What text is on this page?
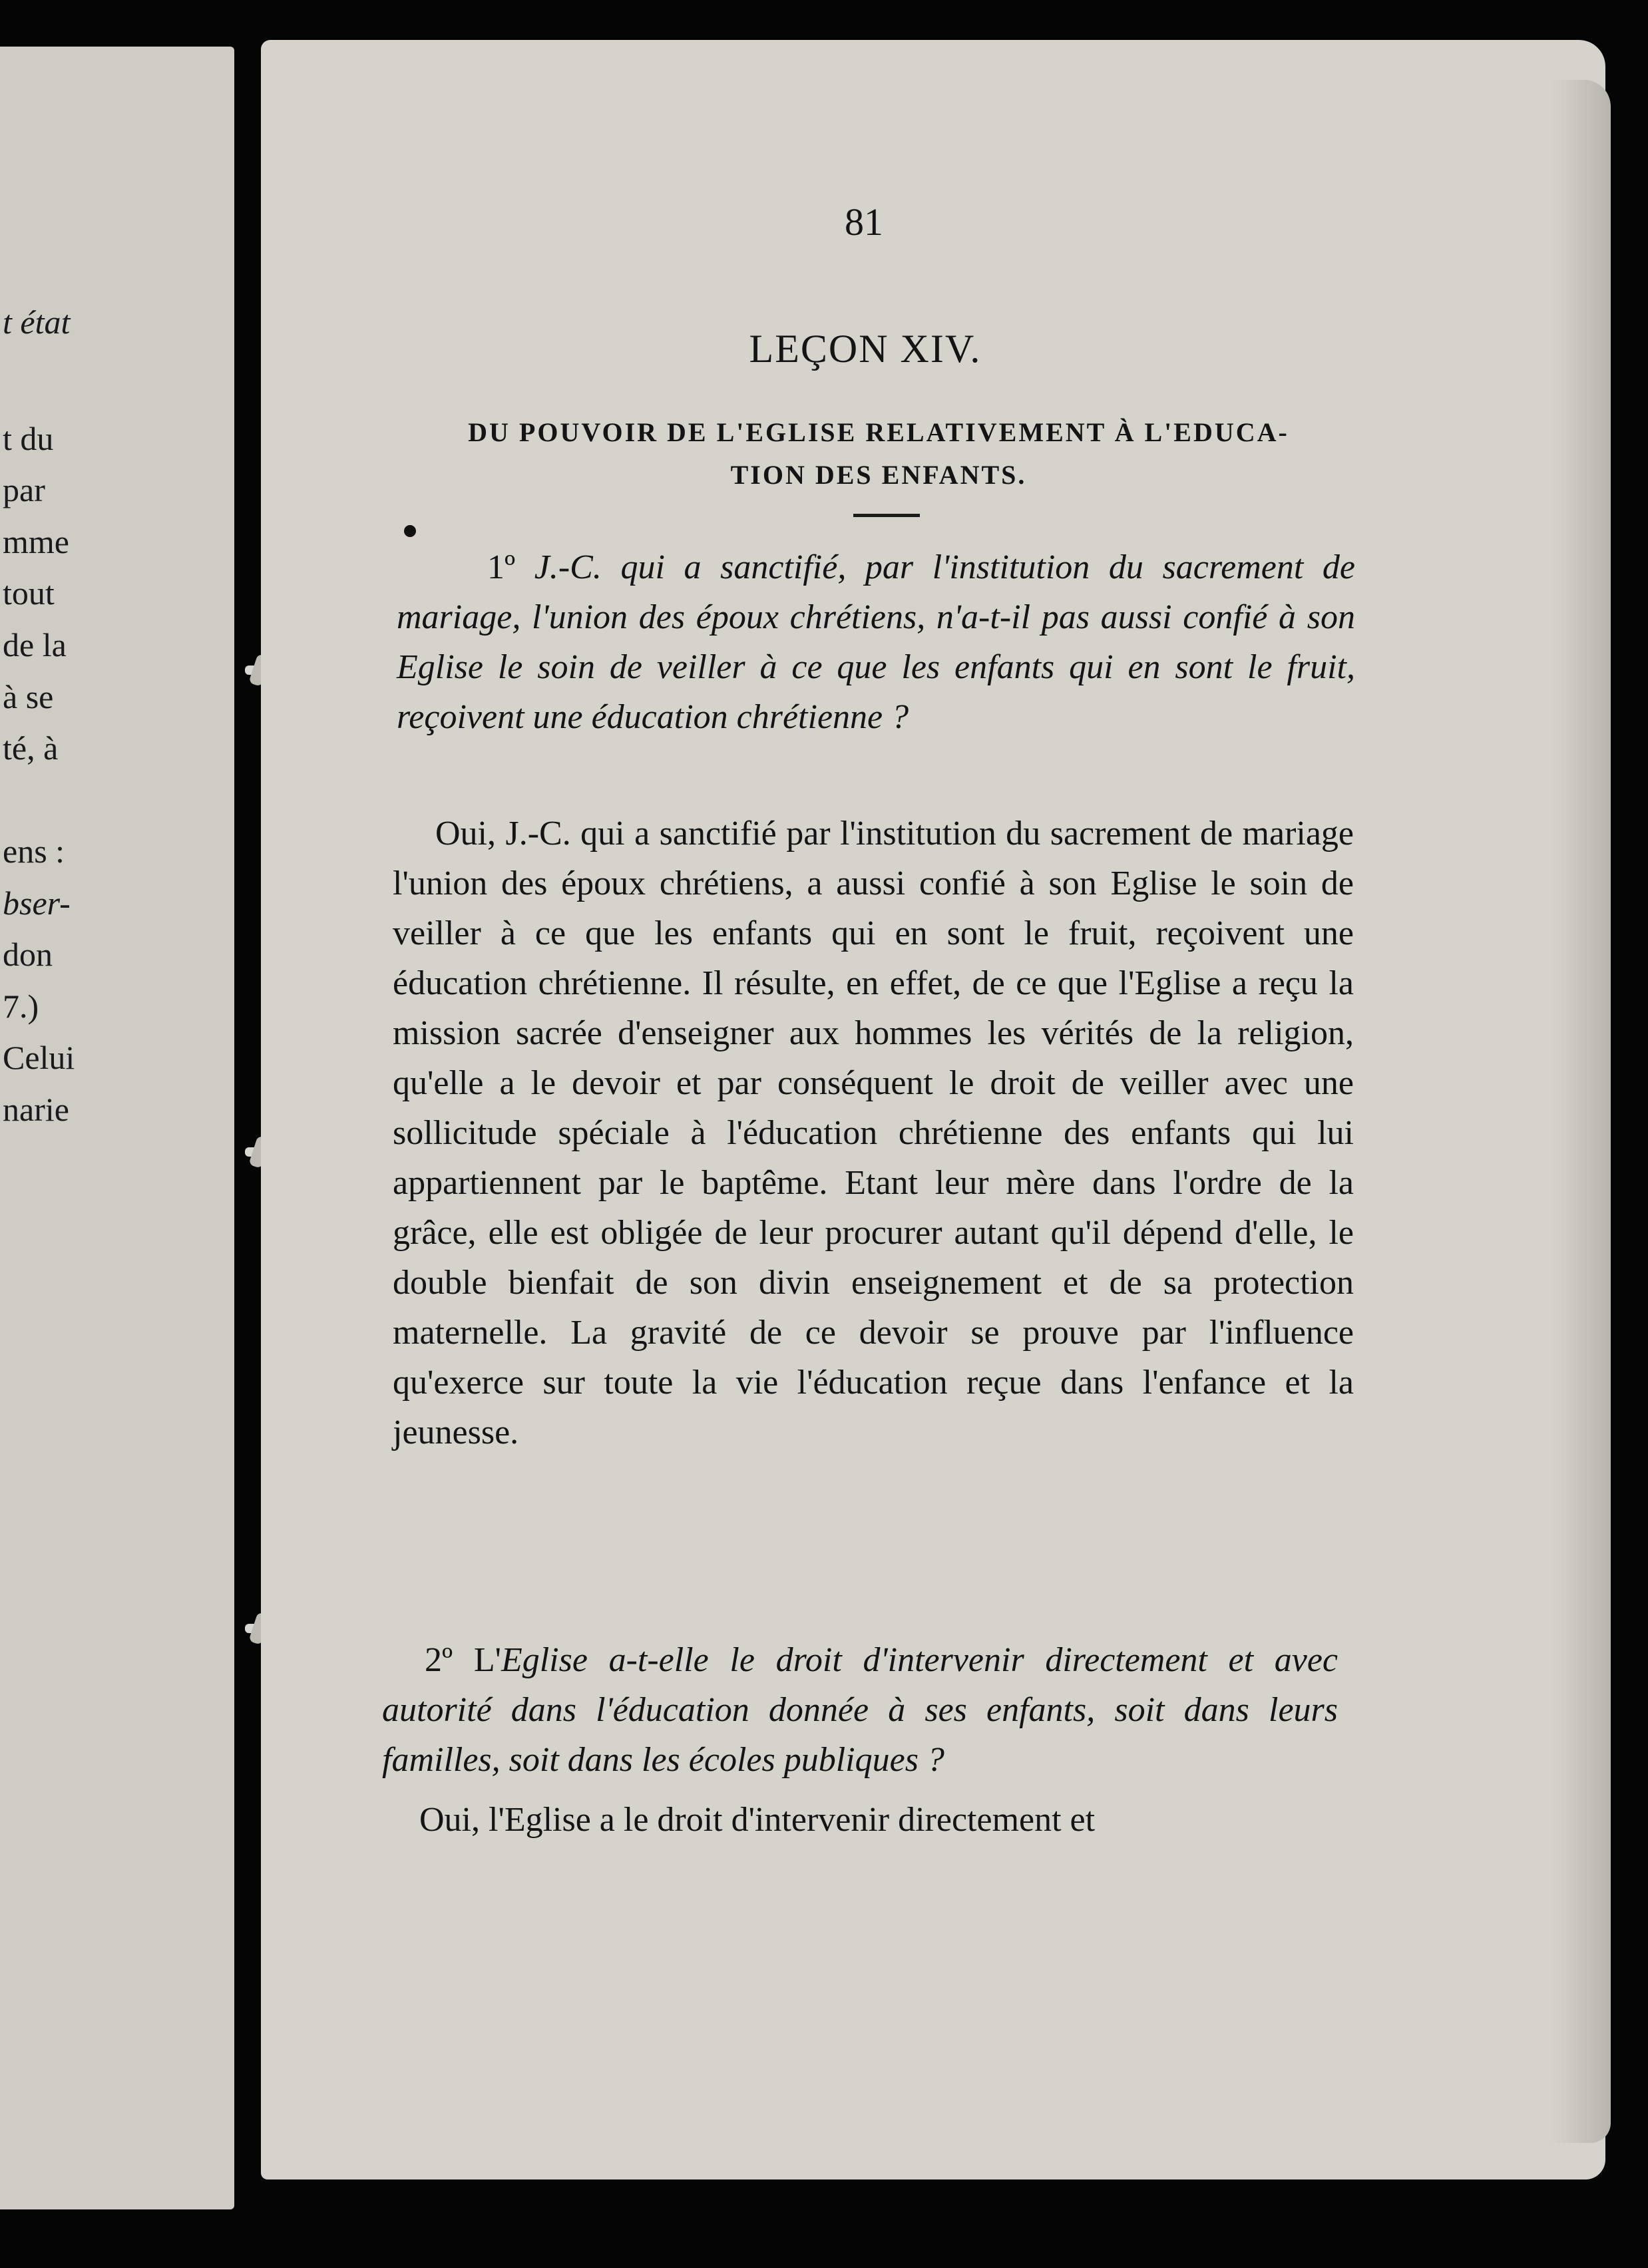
t état
t du
par
mme
tout
de la
à se
té, à
ens :
bser-
don
7.)
Celui
narie
81
LEÇON XIV.
DU POUVOIR DE L'EGLISE RELATIVEMENT À L'EDUCA-
TION DES ENFANTS.
1º J.-C. qui a sanctifié, par l'institution du sacrement de mariage, l'union des époux chrétiens, n'a-t-il pas aussi confié à son Eglise le soin de veiller à ce que les enfants qui en sont le fruit, reçoivent une éducation chrétienne ?
Oui, J.-C. qui a sanctifié par l'institution du sacrement de mariage l'union des époux chrétiens, a aussi confié à son Eglise le soin de veiller à ce que les enfants qui en sont le fruit, reçoivent une éducation chrétienne. Il résulte, en effet, de ce que l'Eglise a reçu la mission sacrée d'enseigner aux hommes les vérités de la religion, qu'elle a le devoir et par conséquent le droit de veiller avec une sollicitude spéciale à l'éducation chrétienne des enfants qui lui appartiennent par le baptême. Etant leur mère dans l'ordre de la grâce, elle est obligée de leur procurer autant qu'il dépend d'elle, le double bienfait de son divin enseignement et de sa protection maternelle. La gravité de ce devoir se prouve par l'influence qu'exerce sur toute la vie l'éducation reçue dans l'enfance et la jeunesse.
2º L'Eglise a-t-elle le droit d'intervenir directement et avec autorité dans l'éducation donnée à ses enfants, soit dans leurs familles, soit dans les écoles publiques ?
Oui, l'Eglise a le droit d'intervenir directement et
